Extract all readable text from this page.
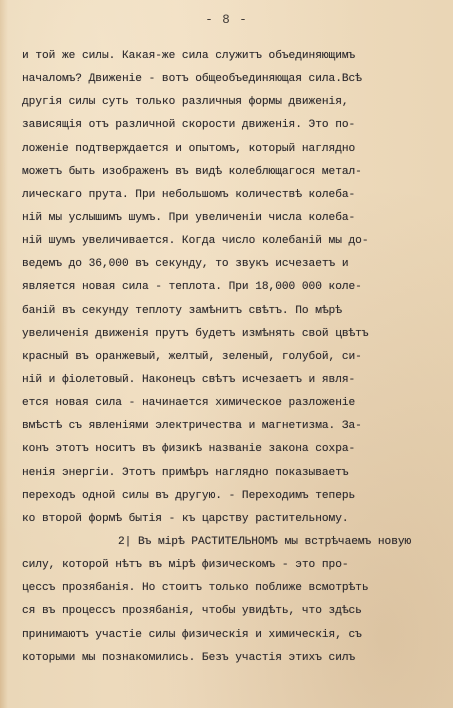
- 8 -
и той же силы. Какая-же сила служитъ объединяющимъ
началомъ? Движенiе - вотъ общеобъединяющая сила.Всѣ
другiя силы суть только различныя формы движенiя,
зависящiя отъ различной скорости движенiя. Это по-
ложенiе подтверждается и опытомъ, который наглядно
можетъ быть изображенъ въ видѣ колеблющагося метал-
лическаго прута. При небольшомъ количествѣ колеба-
нiй мы услышимъ шумъ. При увеличенiи числа колеба-
нiй шумъ увеличивается. Когда число колебанiй мы до-
ведемъ до 36,000 въ секунду, то звукъ исчезаетъ и
является новая сила - теплота. При 18,000 000 коле-
банiй въ секунду теплоту замѣнитъ свѣтъ. По мѣрѣ
увеличенiя движенiя прутъ будетъ измѣнять свой цвѣтъ
красный въ оранжевый, желтый, зеленый, голубой, си-
нiй и фiолетовый. Наконецъ свѣтъ исчезаетъ и явля-
ется новая сила - начинается химическое разложенiе
вмѣстѣ съ явленiями электричества и магнетизма. За-
конъ этотъ носитъ въ физикѣ названiе закона сохра-
ненiя энергiи. Этотъ примѣръ наглядно показываетъ
переходъ одной силы въ другую. - Переходимъ теперь
ко второй формѣ бытiя - къ царству растительному.
2| Въ мiрѣ РАСТИТЕЛЬНОМЪ мы встрѣчаемъ новую
силу, которой нѣтъ въ мiрѣ физическомъ - это про-
цессъ прозябанiя. Но стоитъ только поближе всмотрѣть
ся въ процессъ прозябанiя, чтобы увидѣть, что здѣсь
принимаютъ участiе силы физическiя и химическiя, съ
которыми мы познакомились. Безъ участiя этихъ силъ
